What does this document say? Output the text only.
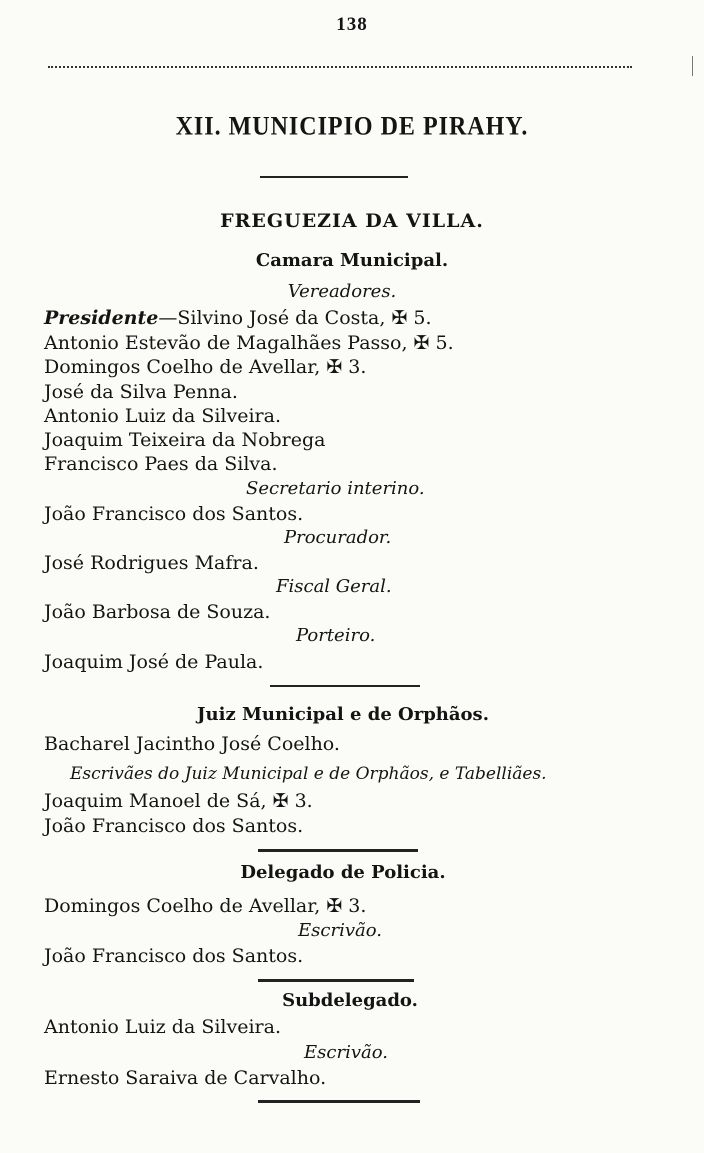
138
XII. MUNICIPIO DE PIRAHY.
FREGUEZIA DA VILLA.
Camara Municipal.
Vereadores.
Presidente—Silvino José da Costa, ✠ 5.
Antonio Estevão de Magalhães Passo, ✠ 5.
Domingos Coelho de Avellar, ✠ 3.
José da Silva Penna.
Antonio Luiz da Silveira.
Joaquim Teixeira da Nobrega
Francisco Paes da Silva.
Secretario interino.
João Francisco dos Santos.
Procurador.
José Rodrigues Mafra.
Fiscal Geral.
João Barbosa de Souza.
Porteiro.
Joaquim José de Paula.
Juiz Municipal e de Orphãos.
Bacharel Jacintho José Coelho.
Escrivães do Juiz Municipal e de Orphãos, e Tabelliães.
Joaquim Manoel de Sá, ✠ 3.
João Francisco dos Santos.
Delegado de Policia.
Domingos Coelho de Avellar, ✠ 3.
Escrivão.
João Francisco dos Santos.
Subdelegado.
Antonio Luiz da Silveira.
Escrivão.
Ernesto Saraiva de Carvalho.
